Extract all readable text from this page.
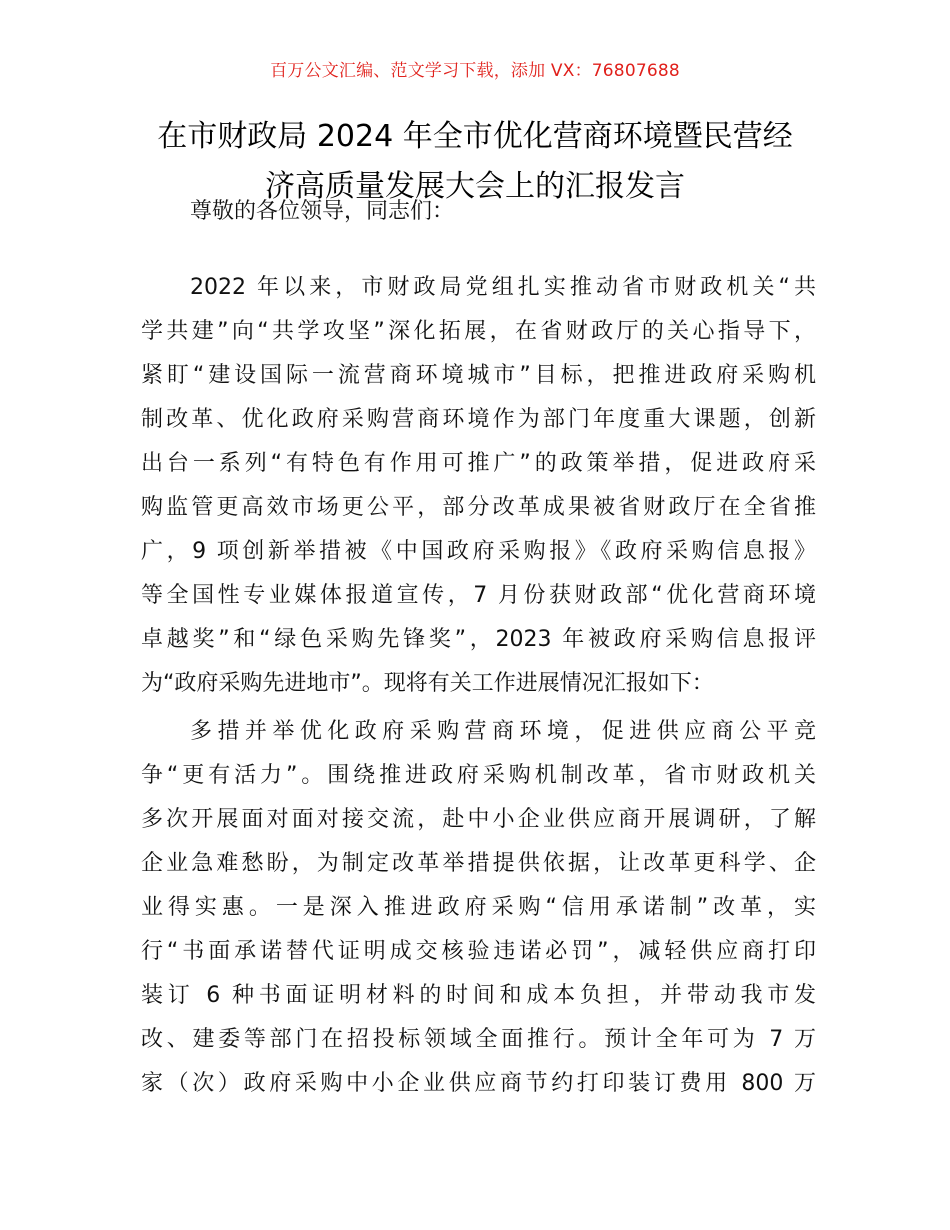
百万公文汇编、范文学习下载，添加 VX：76807688
在市财政局 2024 年全市优化营商环境暨民营经
济高质量发展大会上的汇报发言
尊敬的各位领导，同志们：
2022 年以来，市财政局党组扎实推动省市财政机关“共
学共建”向“共学攻坚”深化拓展，在省财政厅的关心指导下，
紧盯“建设国际一流营商环境城市”目标，把推进政府采购机
制改革、优化政府采购营商环境作为部门年度重大课题，创新
出台一系列“有特色有作用可推广”的政策举措，促进政府采
购监管更高效市场更公平，部分改革成果被省财政厅在全省推
广，9 项创新举措被《中国政府采购报》《政府采购信息报》
等全国性专业媒体报道宣传，7 月份获财政部“优化营商环境
卓越奖”和“绿色采购先锋奖”，2023 年被政府采购信息报评
为“政府采购先进地市”。现将有关工作进展情况汇报如下：
多措并举优化政府采购营商环境，促进供应商公平竞
争“更有活力”。围绕推进政府采购机制改革，省市财政机关
多次开展面对面对接交流，赴中小企业供应商开展调研，了解
企业急难愁盼，为制定改革举措提供依据，让改革更科学、企
业得实惠。一是深入推进政府采购“信用承诺制”改革，实
行“书面承诺替代证明成交核验违诺必罚”，减轻供应商打印
装订 6 种书面证明材料的时间和成本负担，并带动我市发
改、建委等部门在招投标领域全面推行。预计全年可为 7 万
家（次）政府采购中小企业供应商节约打印装订费用 800 万
